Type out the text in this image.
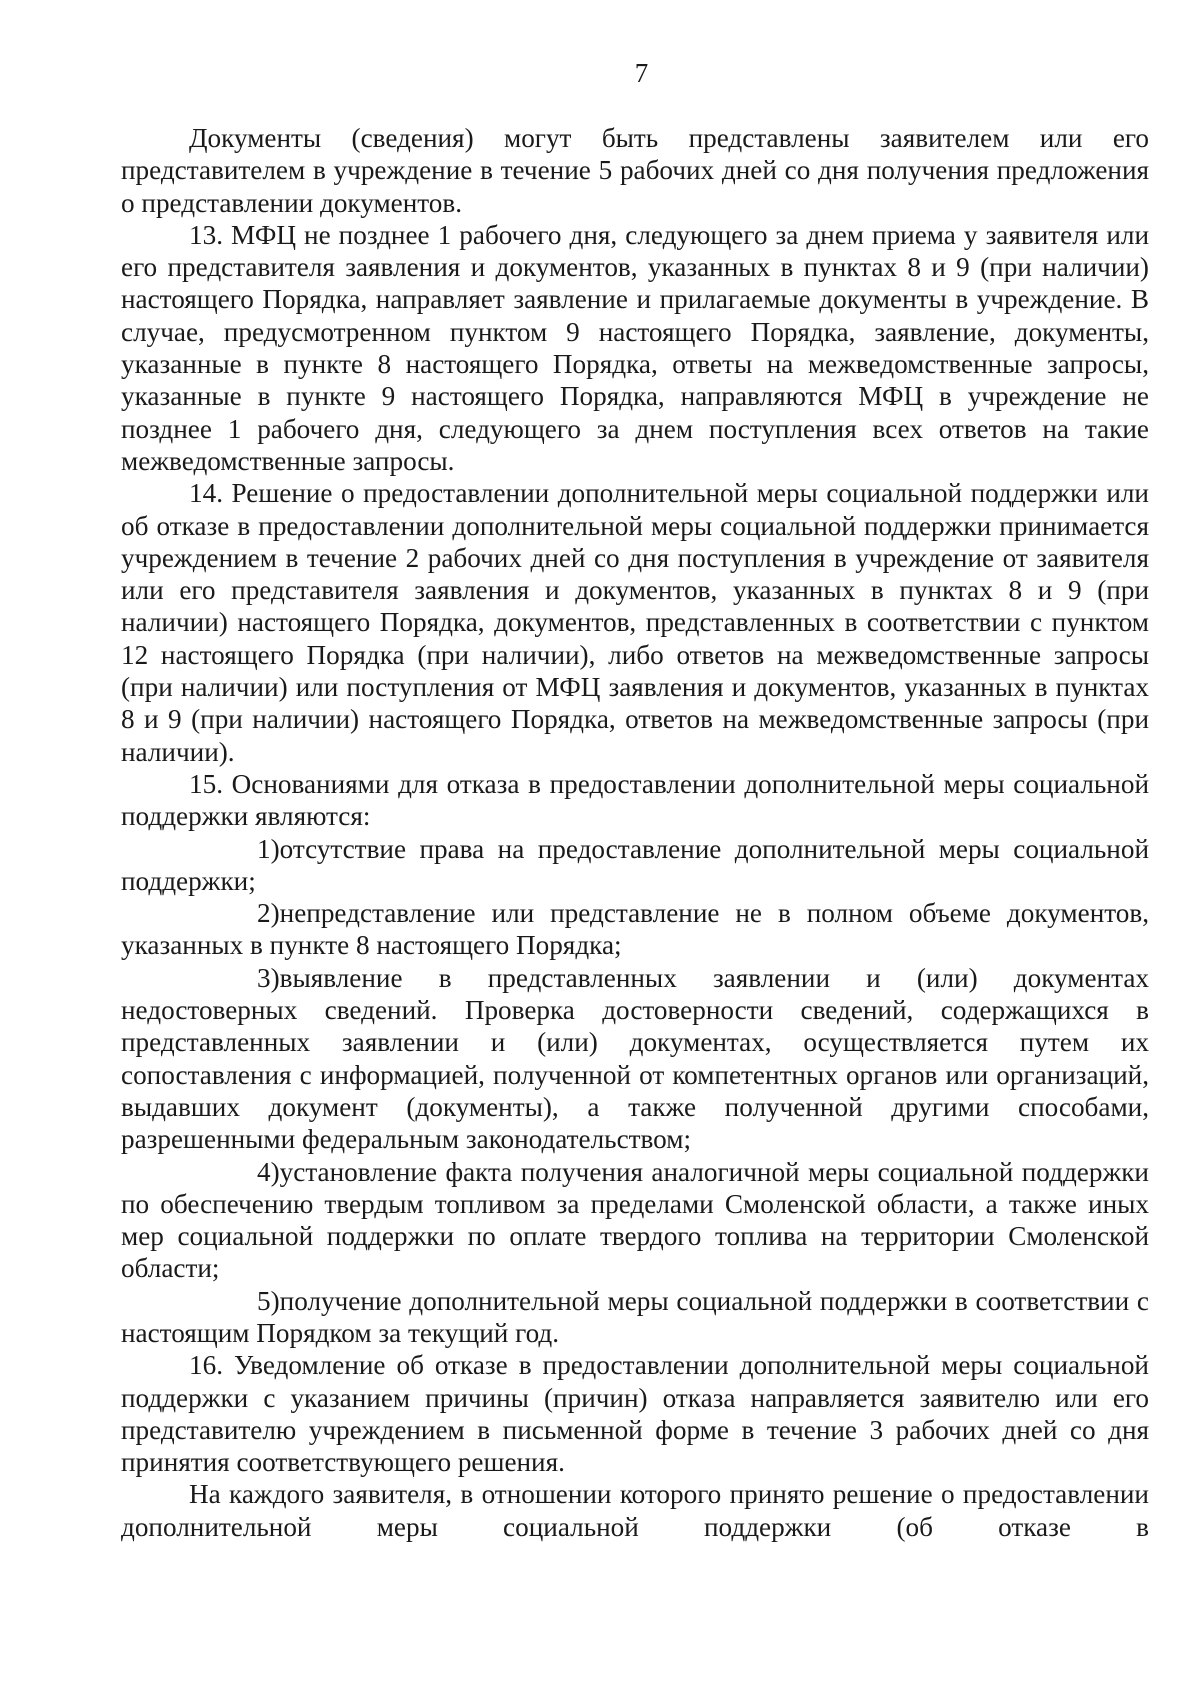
7

Документы (сведения) могут быть представлены заявителем или его представителем в учреждение в течение 5 рабочих дней со дня получения предложения о представлении документов.

13. МФЦ не позднее 1 рабочего дня, следующего за днем приема у заявителя или его представителя заявления и документов, указанных в пунктах 8 и 9 (при наличии) настоящего Порядка, направляет заявление и прилагаемые документы в учреждение. В случае, предусмотренном пунктом 9 настоящего Порядка, заявление, документы, указанные в пункте 8 настоящего Порядка, ответы на межведомственные запросы, указанные в пункте 9 настоящего Порядка, направляются МФЦ в учреждение не позднее 1 рабочего дня, следующего за днем поступления всех ответов на такие межведомственные запросы.

14. Решение о предоставлении дополнительной меры социальной поддержки или об отказе в предоставлении дополнительной меры социальной поддержки принимается учреждением в течение 2 рабочих дней со дня поступления в учреждение от заявителя или его представителя заявления и документов, указанных в пунктах 8 и 9 (при наличии) настоящего Порядка, документов, представленных в соответствии с пунктом 12 настоящего Порядка (при наличии), либо ответов на межведомственные запросы (при наличии) или поступления от МФЦ заявления и документов, указанных в пунктах 8 и 9 (при наличии) настоящего Порядка, ответов на межведомственные запросы (при наличии).

15. Основаниями для отказа в предоставлении дополнительной меры социальной поддержки являются:

1)отсутствие права на предоставление дополнительной меры социальной поддержки;

2)непредставление или представление не в полном объеме документов, указанных в пункте 8 настоящего Порядка;

3)выявление в представленных заявлении и (или) документах недостоверных сведений. Проверка достоверности сведений, содержащихся в представленных заявлении и (или) документах, осуществляется путем их сопоставления с информацией, полученной от компетентных органов или организаций, выдавших документ (документы), а также полученной другими способами, разрешенными федеральным законодательством;

4)установление факта получения аналогичной меры социальной поддержки по обеспечению твердым топливом за пределами Смоленской области, а также иных мер социальной поддержки по оплате твердого топлива на территории Смоленской области;

5)получение дополнительной меры социальной поддержки в соответствии с настоящим Порядком за текущий год.

16. Уведомление об отказе в предоставлении дополнительной меры социальной поддержки с указанием причины (причин) отказа направляется заявителю или его представителю учреждением в письменной форме в течение 3 рабочих дней со дня принятия соответствующего решения.

На каждого заявителя, в отношении которого принято решение о предоставлении дополнительной меры социальной поддержки (об отказе в
